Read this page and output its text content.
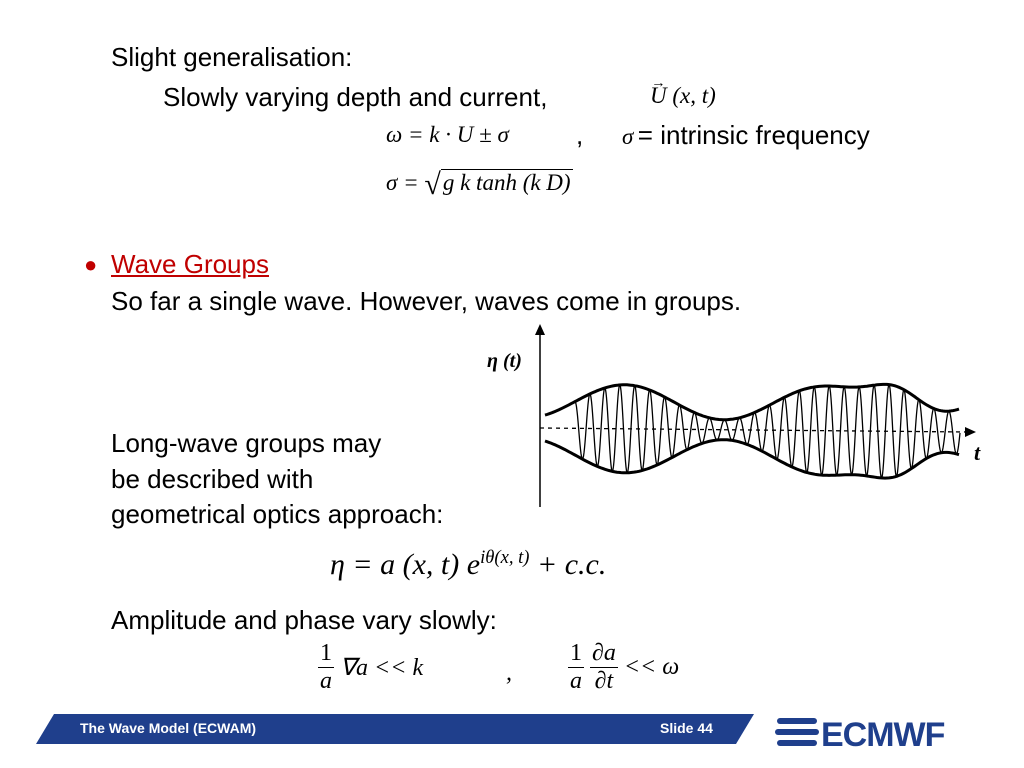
Slight generalisation:
Slowly varying depth and current,
→	U (x, t)
ω = k · U ± σ	, σ = intrinsic frequency
σ = √g k tanh (k D)
● Wave Groups
So far a single wave. However, waves come in groups.
Long-wave groups may
be described with
geometrical optics approach:
η (t)
t
η = a (x, t) $e^{i\theta(x, t)} + c.c$.
Amplitude and phase vary slowly:
$\frac{1}{a} \nabla a << k$	, $\frac{1}{a}$
$\frac{\partial a}{\partial t} << \omega$
The Wave Model (ECWAM)	Slide 44	ECMWF
